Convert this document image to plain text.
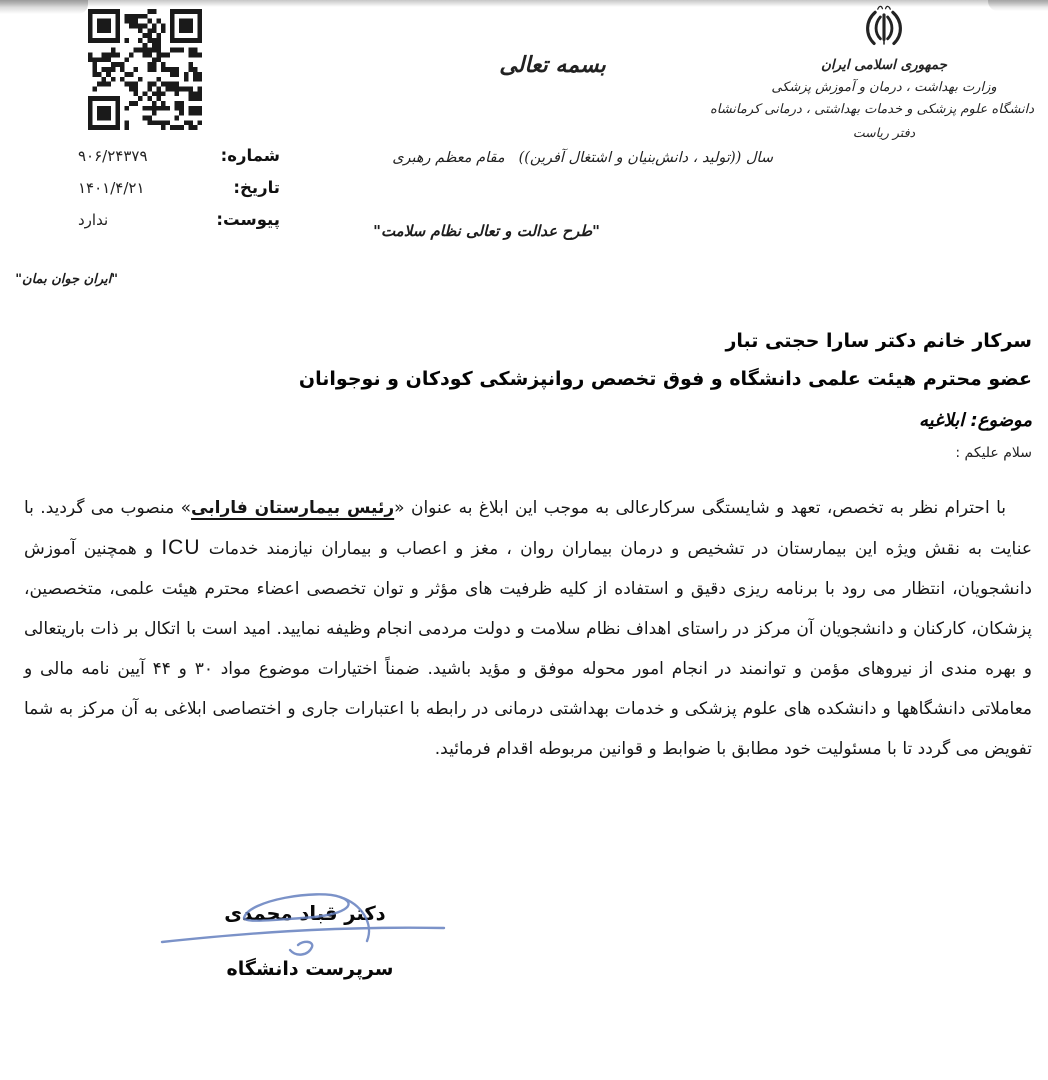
بسمه تعالی	جمهوری اسلامی ایران
وزارت بهداشت ، درمان و آموزش پزشکی
دانشگاه علوم پزشکی و خدمات بهداشتی ، درمانی کرمانشاه
دفتر ریاست
شماره:
۹۰۶/۲۴۳۷۹
تاریخ:
۱۴۰۱/۴/۲۱
پیوست:
ندارد
سال ((تولید ، دانش‌بنیان و اشتغال آفرین))
مقام معظم رهبری
"طرح عدالت و تعالی نظام سلامت"
"ایران جوان بمان"
سرکار خانم دکتر سارا حجتی تبار
عضو محترم هیئت علمی دانشگاه و فوق تخصص روانپزشکی کودکان و نوجوانان
موضوع: ابلاغیه
سلام علیکم :

با احترام نظر به تخصص، تعهد و شایستگی سرکارعالی به موجب این ابلاغ به عنوان «رئیس بیمارستان فارابی» منصوب می گردید. با عنایت به نقش ویژه این بیمارستان در تشخیص و درمان بیماران روان ، مغز و اعصاب و بیماران نیازمند خدمات ICU و همچنین آموزش دانشجویان، انتظار می رود با برنامه ریزی دقیق و استفاده از کلیه ظرفیت های مؤثر و توان تخصصی اعضاء محترم هیئت علمی، متخصصین، پزشکان، کارکنان و دانشجویان آن مرکز در راستای اهداف نظام سلامت و دولت مردمی انجام وظیفه نمایید. امید است با اتکال بر ذات باریتعالی و بهره مندی از نیروهای مؤمن و توانمند در انجام امور محوله موفق و مؤید باشید. ضمناً اختیارات موضوع مواد ۳۰ و ۴۴ آیین نامه مالی و معاملاتی دانشگاهها و دانشکده های علوم پزشکی و خدمات بهداشتی درمانی در رابطه با اعتبارات جاری و اختصاصی ابلاغی به آن مرکز به شما تفویض می گردد تا با مسئولیت خود مطابق با ضوابط و قوانین مربوطه اقدام فرمائید.

دکتر قباد محمدی
سرپرست دانشگاه
